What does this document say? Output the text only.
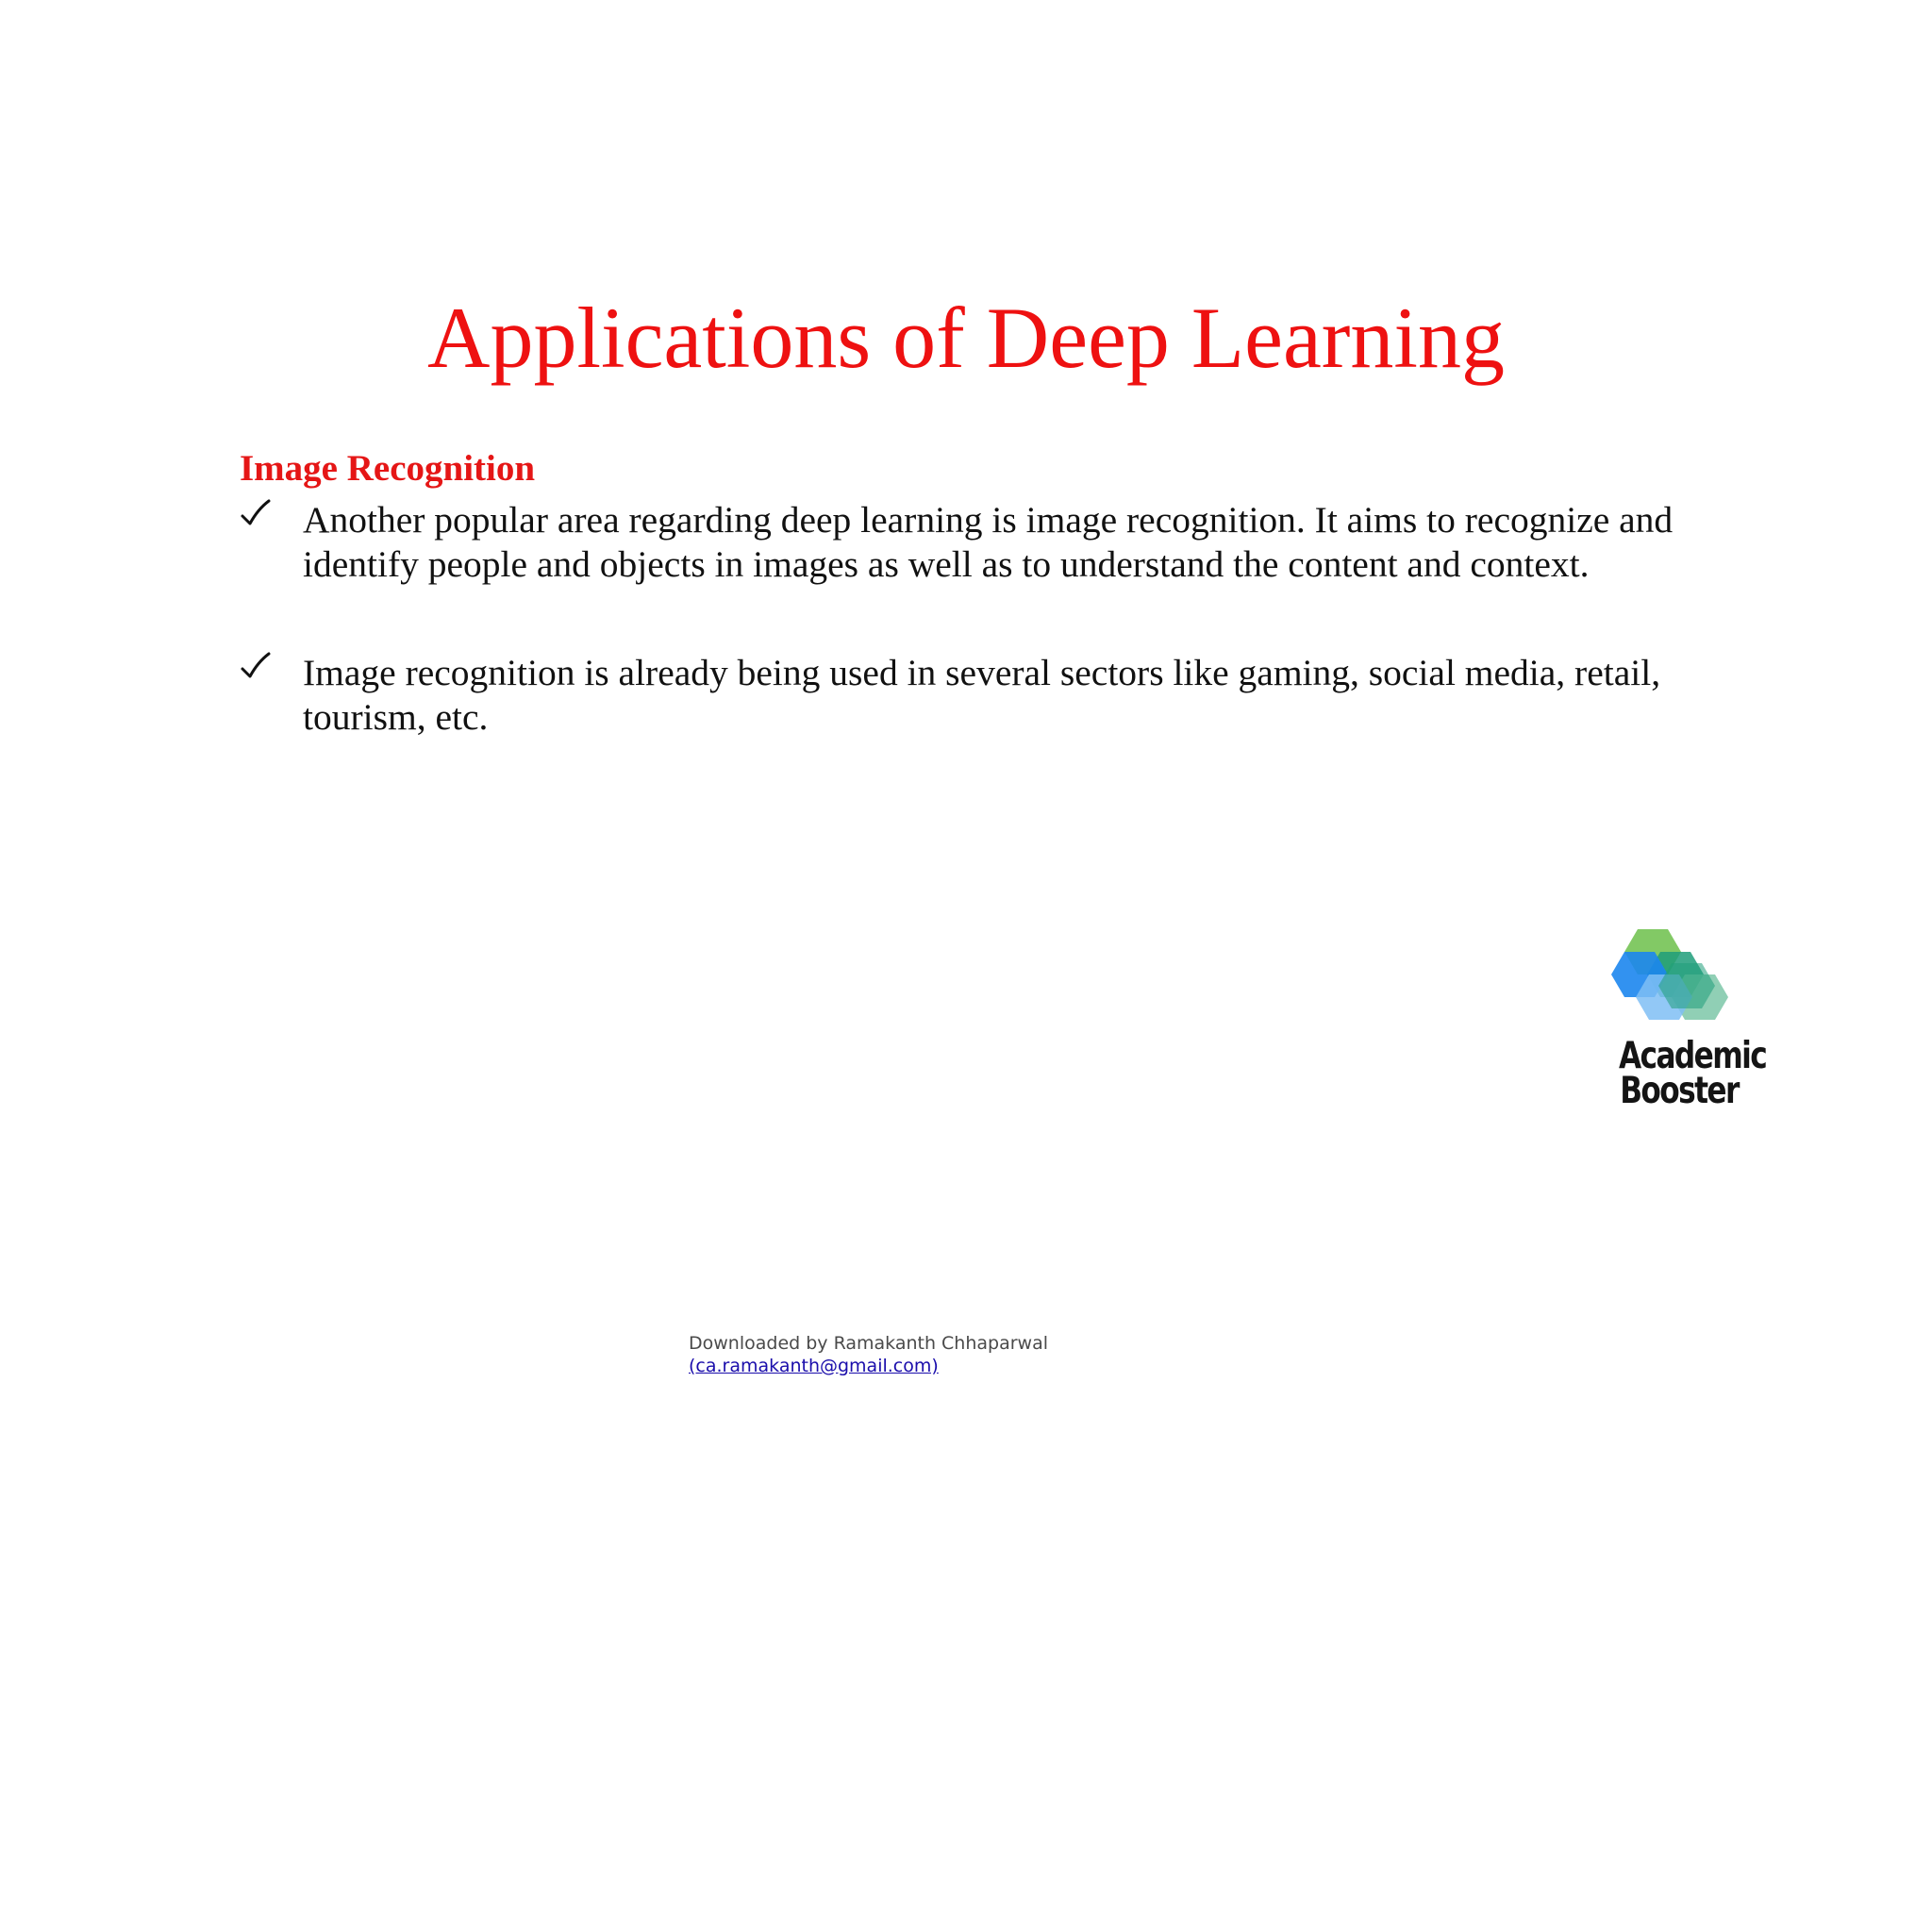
Applications of Deep Learning
Image Recognition
Another popular area regarding deep learning is image recognition. It aims to recognize and identify people and objects in images as well as to understand the content and context.
Image recognition is already being used in several sectors like gaming, social media, retail, tourism, etc.
Academic
Booster
Downloaded by Ramakanth Chhaparwal
(ca.ramakanth@gmail.com)
